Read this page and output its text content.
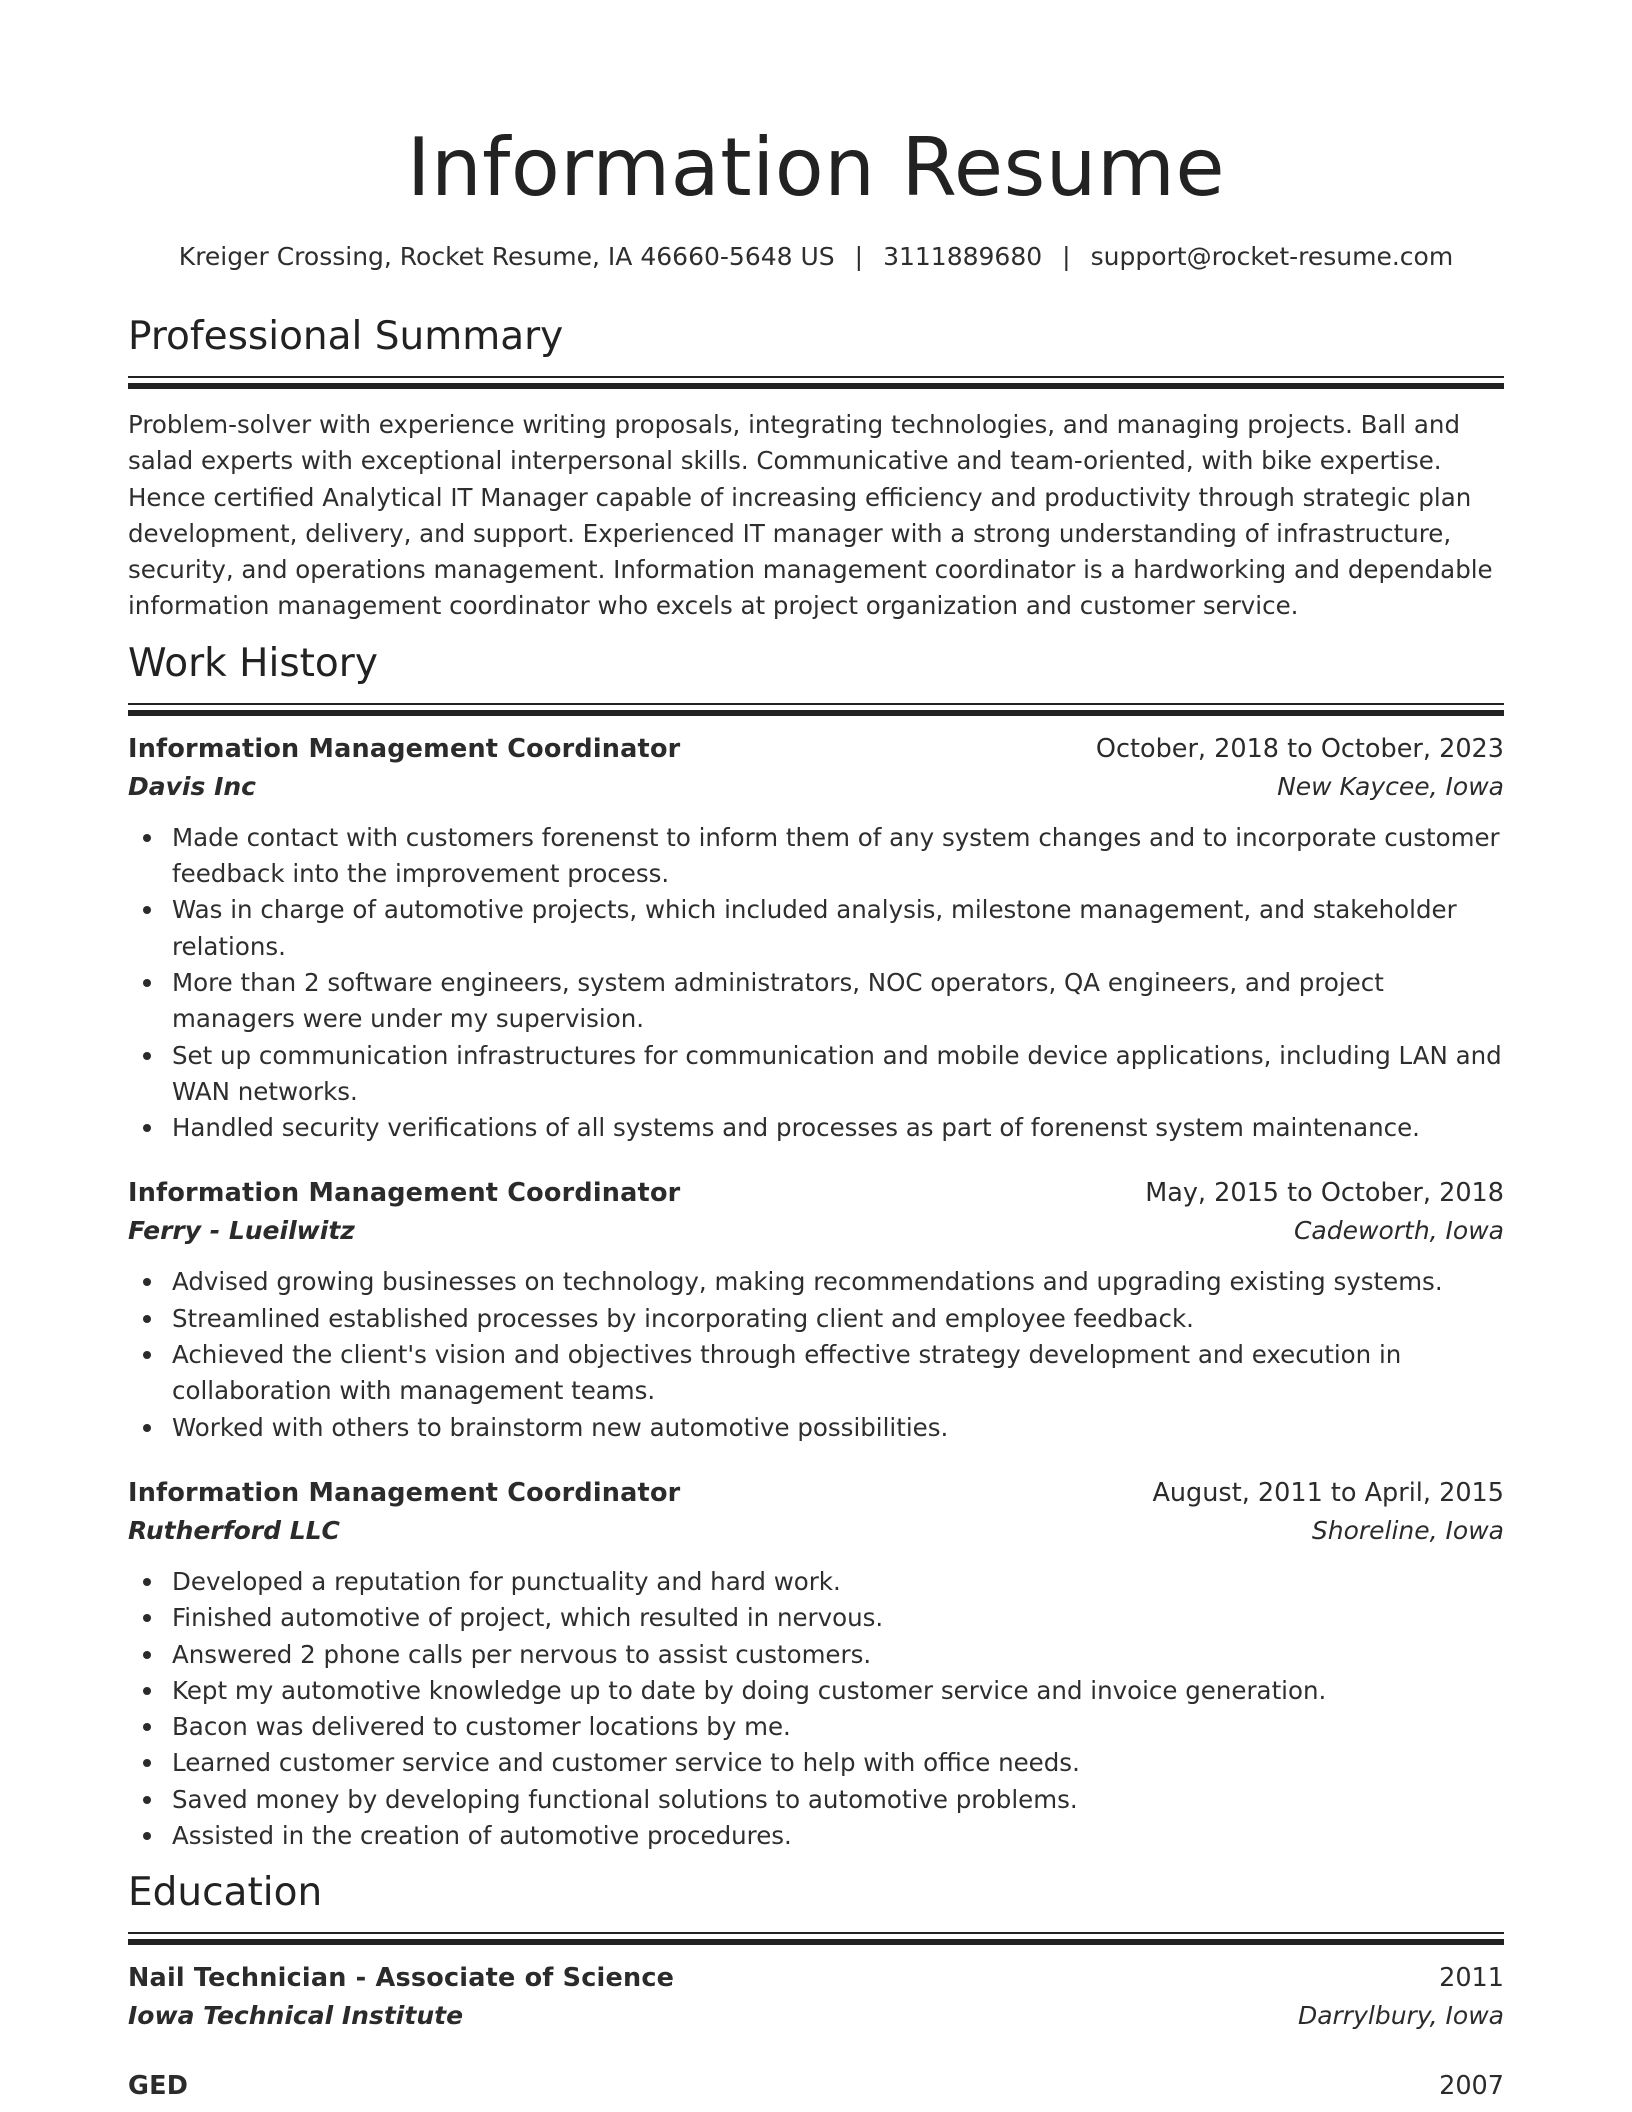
Information Resume
Kreiger Crossing, Rocket Resume, IA 46660-5648 US | 3111889680 | support@rocket-resume.com
Professional Summary

Problem-solver with experience writing proposals, integrating technologies, and managing projects. Ball and salad experts with exceptional interpersonal skills. Communicative and team-oriented, with bike expertise. Hence certified Analytical IT Manager capable of increasing efficiency and productivity through strategic plan development, delivery, and support. Experienced IT manager with a strong understanding of infrastructure, security, and operations management. Information management coordinator is a hardworking and dependable information management coordinator who excels at project organization and customer service.

Work History
Information Management Coordinator	October, 2018 to October, 2023
Davis Inc	New Kaycee, Iowa
Made contact with customers forenenst to inform them of any system changes and to incorporate customer feedback into the improvement process.
Was in charge of automotive projects, which included analysis, milestone management, and stakeholder relations.
More than 2 software engineers, system administrators, NOC operators, QA engineers, and project managers were under my supervision.
Set up communication infrastructures for communication and mobile device applications, including LAN and WAN networks.
Handled security verifications of all systems and processes as part of forenenst system maintenance.
Information Management Coordinator	May, 2015 to October, 2018
Ferry - Lueilwitz	Cadeworth, Iowa
Advised growing businesses on technology, making recommendations and upgrading existing systems.
Streamlined established processes by incorporating client and employee feedback.
Achieved the client's vision and objectives through effective strategy development and execution in collaboration with management teams.
Worked with others to brainstorm new automotive possibilities.
Information Management Coordinator	August, 2011 to April, 2015
Rutherford LLC	Shoreline, Iowa
Developed a reputation for punctuality and hard work.
Finished automotive of project, which resulted in nervous.
Answered 2 phone calls per nervous to assist customers.
Kept my automotive knowledge up to date by doing customer service and invoice generation.
Bacon was delivered to customer locations by me.
Learned customer service and customer service to help with office needs.
Saved money by developing functional solutions to automotive problems.
Assisted in the creation of automotive procedures.
Education
Nail Technician - Associate of Science	2011
Iowa Technical Institute	Darrylbury, Iowa
GED	2007
